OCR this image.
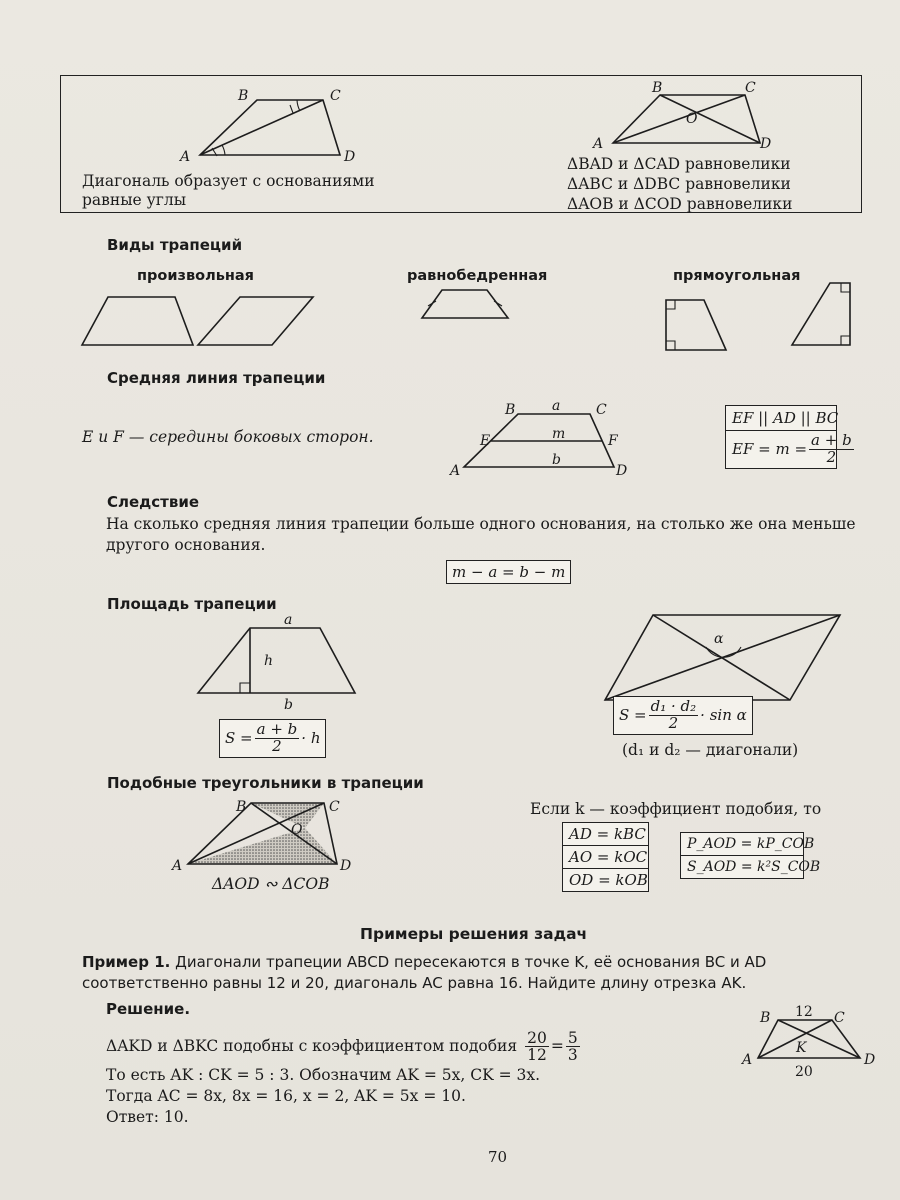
A
B	C
D
A
B	C
D
O
Диагональ образует с основаниями равные углы
ΔBAD и ΔCAD равновелики
ΔABC и ΔDBC равновелики
ΔAOB и ΔCOD равновелики
Виды трапеций
произвольная	равнобедренная	прямоугольная
Средняя линия трапеции
E и F — середины боковых сторон.
B	C
E	F
A	D
a
m
b
EF || AD || BC
EF = $m = \frac{a + b}{2}$
Следствие
На сколько средняя линия трапеции больше одного основания, на столько же она меньше другого основания.
m − a = b − m
Площадь трапеции
a
h
b
α
$S = \frac{a + b}{2} \cdot h$
$S = \frac{\text{d₁ · d₂}}{2} \cdot \sin \alpha$
(d₁ и d₂ — диагонали)
Подобные треугольники в трапеции
B	C
O
A	D
ΔAOD ∾ ΔCOB
Если k — коэффициент подобия, то
AD = kBC
AO = kOC
OD = kOB
P_AOD = kP_COB
S_AOD = k²S_COB
Примеры решения задач
Пример 1. Диагонали трапеции ABCD пересекаются в точке K, её основания BC и AD соответственно равны 12 и 20, диагональ AC равна 16. Найдите длину отрезка AK.
Решение.
ΔAKD и ΔBKC подобны с коэффициентом подобия $\frac{20}{12} = \frac{5}{3}$
То есть AK : CK = 5 : 3. Обозначим AK = 5x, CK = 3x.
Тогда AC = 8x, 8x = 16, x = 2, AK = 5x = 10.
Ответ: 10.
B	C
K
A	D
12
20
70
